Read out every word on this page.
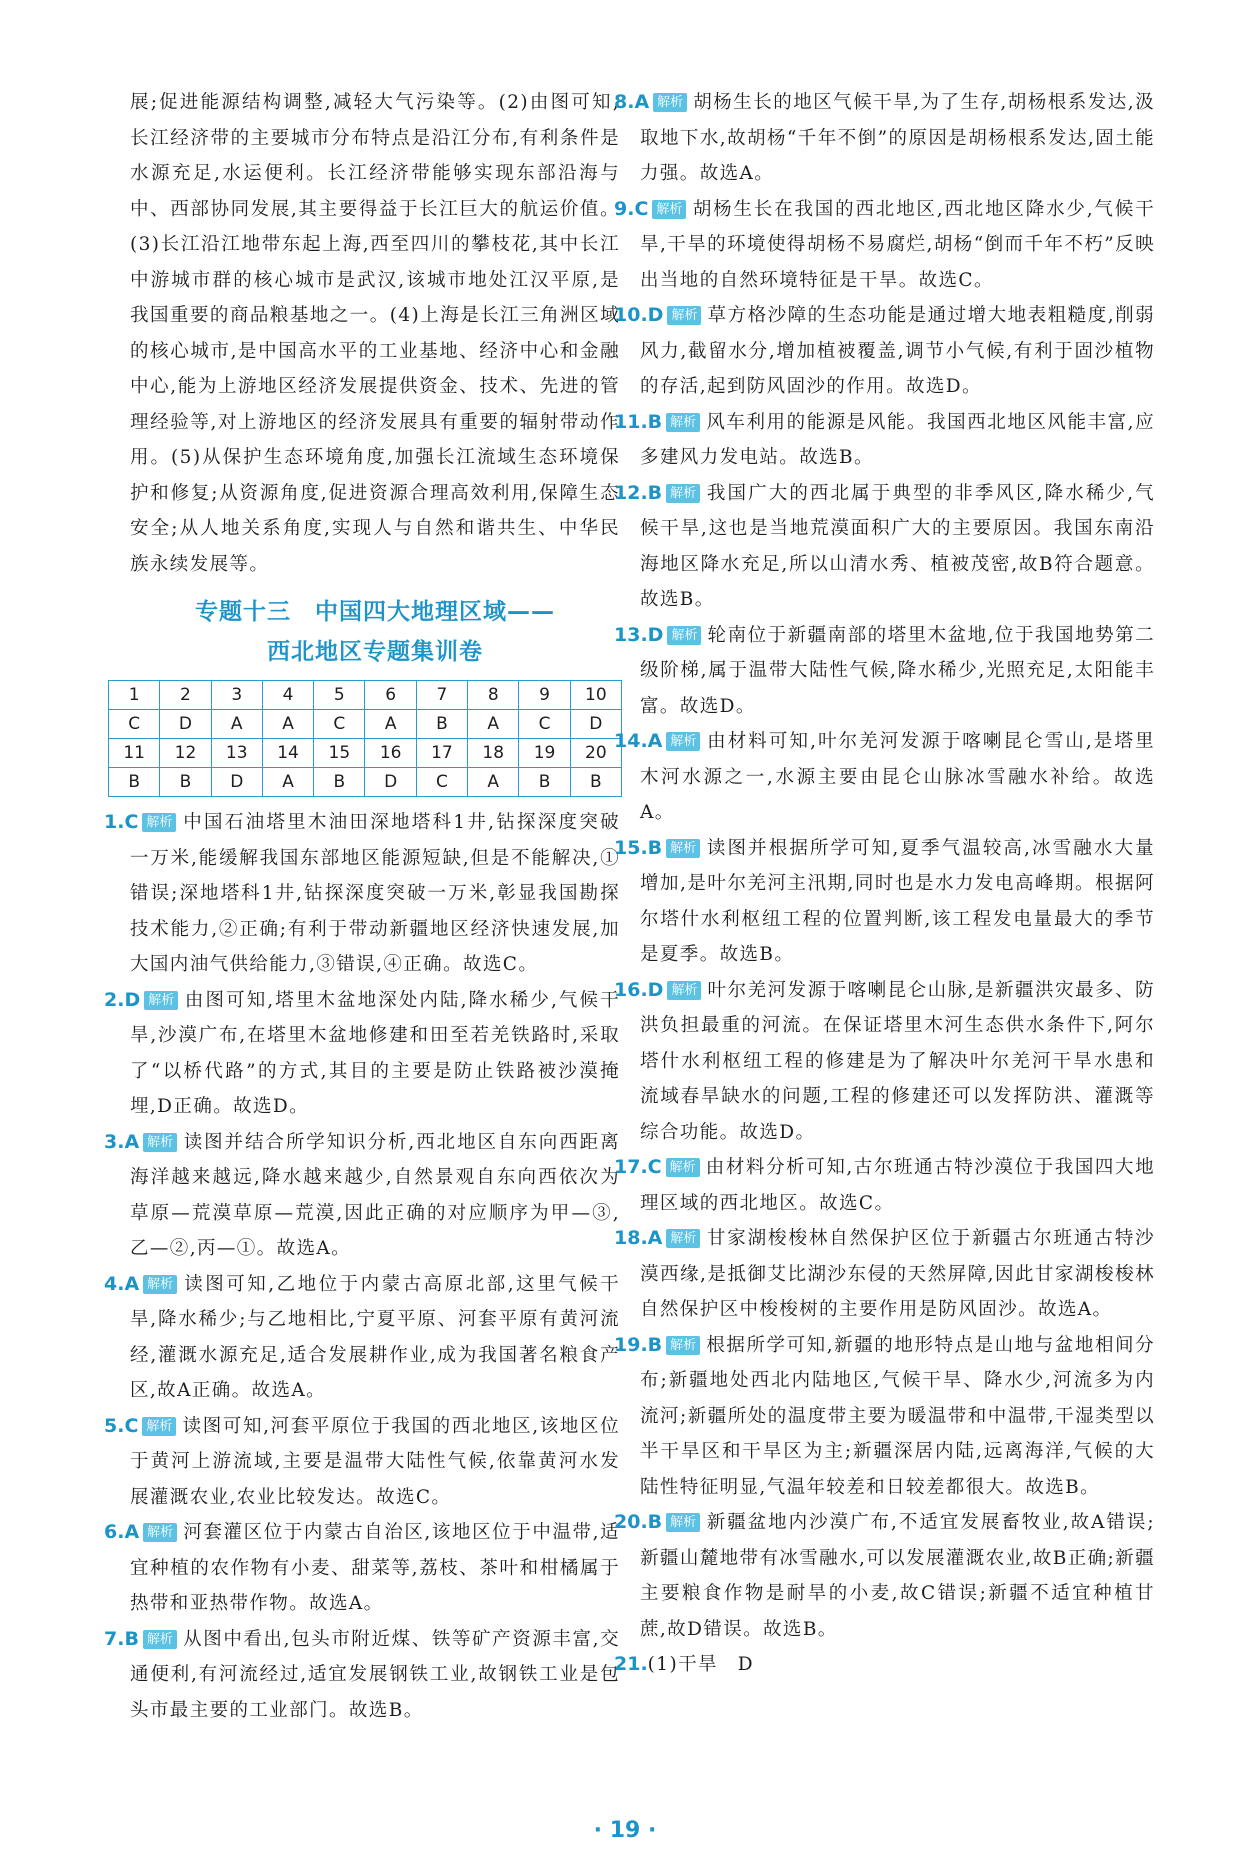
展;促进能源结构调整,减轻大气污染等。(2)由图可知,长江经济带的主要城市分布特点是沿江分布,有利条件是水源充足,水运便利。长江经济带能够实现东部沿海与中、西部协同发展,其主要得益于长江巨大的航运价值。(3)长江沿江地带东起上海,西至四川的攀枝花,其中长江中游城市群的核心城市是武汉,该城市地处江汉平原,是我国重要的商品粮基地之一。(4)上海是长江三角洲区域的核心城市,是中国高水平的工业基地、经济中心和金融中心,能为上游地区经济发展提供资金、技术、先进的管理经验等,对上游地区的经济发展具有重要的辐射带动作用。(5)从保护生态环境角度,加强长江流域生态环境保护和修复;从资源角度,促进资源合理高效利用,保障生态安全;从人地关系角度,实现人与自然和谐共生、中华民族永续发展等。

专题十三　中国四大地理区域——
西北地区专题集训卷
1	2	3	4	5	6	7	8	9	10
C	D	A	A	C	A	B	A	C	D
11	12	13	14	15	16	17	18	19	20
B	B	D	A	B	D	C	A	B	B

1.C 解析 中国石油塔里木油田深地塔科1井,钻探深度突破一万米,能缓解我国东部地区能源短缺,但是不能解决,①错误;深地塔科1井,钻探深度突破一万米,彰显我国勘探技术能力,②正确;有利于带动新疆地区经济快速发展,加大国内油气供给能力,③错误,④正确。故选C。

2.D 解析 由图可知,塔里木盆地深处内陆,降水稀少,气候干旱,沙漠广布,在塔里木盆地修建和田至若羌铁路时,采取了“以桥代路”的方式,其目的主要是防止铁路被沙漠掩埋,D正确。故选D。

3.A 解析 读图并结合所学知识分析,西北地区自东向西距离海洋越来越远,降水越来越少,自然景观自东向西依次为草原—荒漠草原—荒漠,因此正确的对应顺序为甲—③,乙—②,丙—①。故选A。

4.A 解析 读图可知,乙地位于内蒙古高原北部,这里气候干旱,降水稀少;与乙地相比,宁夏平原、河套平原有黄河流经,灌溉水源充足,适合发展耕作业,成为我国著名粮食产区,故A正确。故选A。

5.C 解析 读图可知,河套平原位于我国的西北地区,该地区位于黄河上游流域,主要是温带大陆性气候,依靠黄河水发展灌溉农业,农业比较发达。故选C。

6.A 解析 河套灌区位于内蒙古自治区,该地区位于中温带,适宜种植的农作物有小麦、甜菜等,荔枝、茶叶和柑橘属于热带和亚热带作物。故选A。

7.B 解析 从图中看出,包头市附近煤、铁等矿产资源丰富,交通便利,有河流经过,适宜发展钢铁工业,故钢铁工业是包头市最主要的工业部门。故选B。

8.A 解析 胡杨生长的地区气候干旱,为了生存,胡杨根系发达,汲取地下水,故胡杨“千年不倒”的原因是胡杨根系发达,固土能力强。故选A。

9.C 解析 胡杨生长在我国的西北地区,西北地区降水少,气候干旱,干旱的环境使得胡杨不易腐烂,胡杨“倒而千年不朽”反映出当地的自然环境特征是干旱。故选C。

10.D 解析 草方格沙障的生态功能是通过增大地表粗糙度,削弱风力,截留水分,增加植被覆盖,调节小气候,有利于固沙植物的存活,起到防风固沙的作用。故选D。

11.B 解析 风车利用的能源是风能。我国西北地区风能丰富,应多建风力发电站。故选B。

12.B 解析 我国广大的西北属于典型的非季风区,降水稀少,气候干旱,这也是当地荒漠面积广大的主要原因。我国东南沿海地区降水充足,所以山清水秀、植被茂密,故B符合题意。故选B。

13.D 解析 轮南位于新疆南部的塔里木盆地,位于我国地势第二级阶梯,属于温带大陆性气候,降水稀少,光照充足,太阳能丰富。故选D。

14.A 解析 由材料可知,叶尔羌河发源于喀喇昆仑雪山,是塔里木河水源之一,水源主要由昆仑山脉冰雪融水补给。故选A。

15.B 解析 读图并根据所学可知,夏季气温较高,冰雪融水大量增加,是叶尔羌河主汛期,同时也是水力发电高峰期。根据阿尔塔什水利枢纽工程的位置判断,该工程发电量最大的季节是夏季。故选B。

16.D 解析 叶尔羌河发源于喀喇昆仑山脉,是新疆洪灾最多、防洪负担最重的河流。在保证塔里木河生态供水条件下,阿尔塔什水利枢纽工程的修建是为了解决叶尔羌河干旱水患和流域春旱缺水的问题,工程的修建还可以发挥防洪、灌溉等综合功能。故选D。

17.C 解析 由材料分析可知,古尔班通古特沙漠位于我国四大地理区域的西北地区。故选C。

18.A 解析 甘家湖梭梭林自然保护区位于新疆古尔班通古特沙漠西缘,是抵御艾比湖沙东侵的天然屏障,因此甘家湖梭梭林自然保护区中梭梭树的主要作用是防风固沙。故选A。

19.B 解析 根据所学可知,新疆的地形特点是山地与盆地相间分布;新疆地处西北内陆地区,气候干旱、降水少,河流多为内流河;新疆所处的温度带主要为暖温带和中温带,干湿类型以半干旱区和干旱区为主;新疆深居内陆,远离海洋,气候的大陆性特征明显,气温年较差和日较差都很大。故选B。

20.B 解析 新疆盆地内沙漠广布,不适宜发展畜牧业,故A错误;新疆山麓地带有冰雪融水,可以发展灌溉农业,故B正确;新疆主要粮食作物是耐旱的小麦,故C错误;新疆不适宜种植甘蔗,故D错误。故选B。

21.(1)干旱　D

· 19 ·
